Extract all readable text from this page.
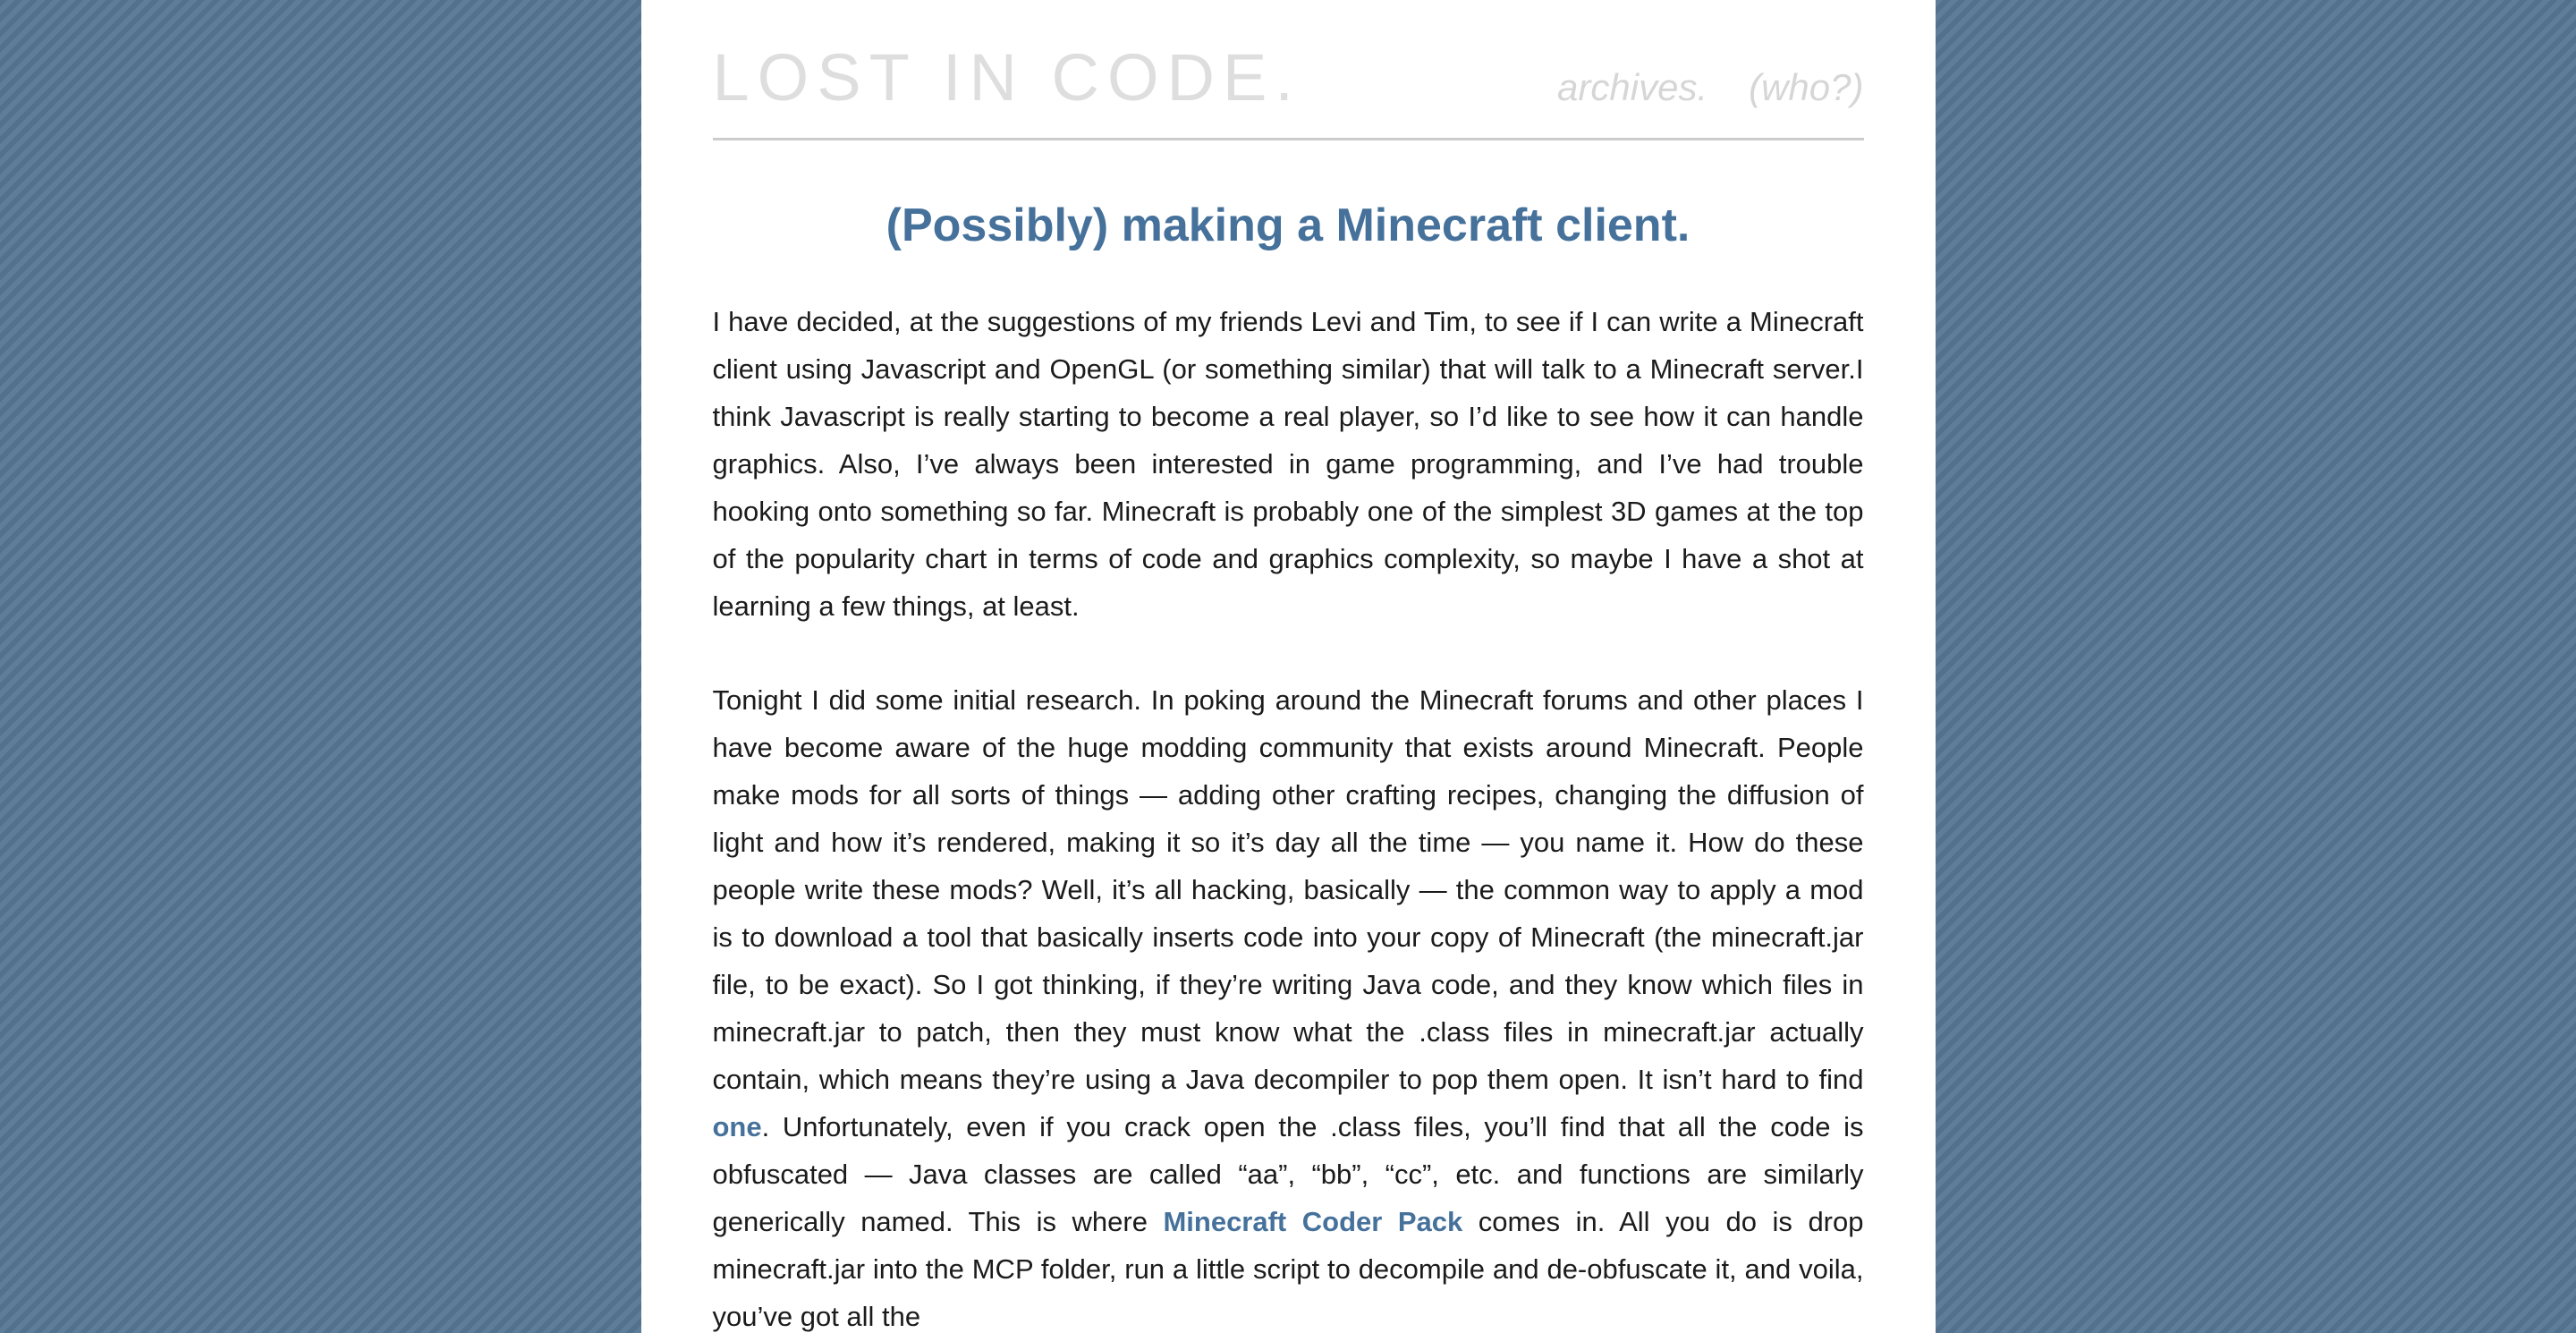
LOST IN CODE.	archives. (who?)
(Possibly) making a Minecraft client.

I have decided, at the suggestions of my friends Levi and Tim, to see if I can write a Minecraft client using Javascript and OpenGL (or something similar) that will talk to a Minecraft server.I think Javascript is really starting to become a real player, so I’d like to see how it can handle graphics. Also, I’ve always been interested in game programming, and I’ve had trouble hooking onto something so far. Minecraft is probably one of the simplest 3D games at the top of the popularity chart in terms of code and graphics complexity, so maybe I have a shot at learning a few things, at least.

Tonight I did some initial research. In poking around the Minecraft forums and other places I have become aware of the huge modding community that exists around Minecraft. People make mods for all sorts of things — adding other crafting recipes, changing the diffusion of light and how it’s rendered, making it so it’s day all the time — you name it. How do these people write these mods? Well, it’s all hacking, basically — the common way to apply a mod is to download a tool that basically inserts code into your copy of Minecraft (the minecraft.jar file, to be exact). So I got thinking, if they’re writing Java code, and they know which files in minecraft.jar to patch, then they must know what the .class files in minecraft.jar actually contain, which means they’re using a Java decompiler to pop them open. It isn’t hard to find one. Unfortunately, even if you crack open the .class files, you’ll find that all the code is obfuscated — Java classes are called “aa”, “bb”, “cc”, etc. and functions are similarly generically named. This is where Minecraft Coder Pack comes in. All you do is drop minecraft.jar into the MCP folder, run a little script to decompile and de-obfuscate it, and voila, you’ve got all the
